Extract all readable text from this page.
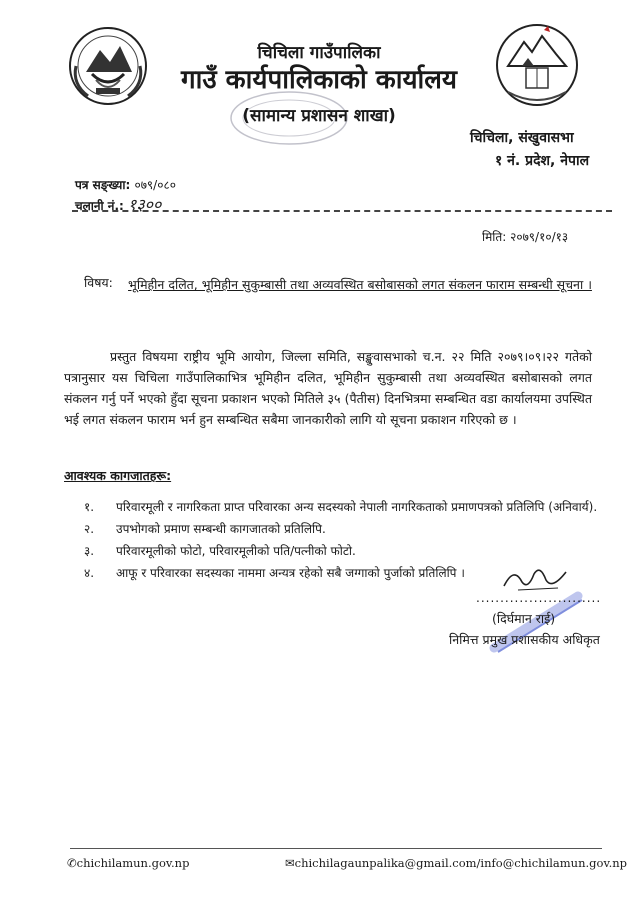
चिचिला गाउँपालिका
गाउँ कार्यपालिकाको कार्यालय
(सामान्य प्रशासन शाखा)
चिचिला, संखुवासभा
१ नं. प्रदेश, नेपाल
पत्र सङ्ख्या: ०७९/०८०
चलानी नं.: १३००
मिति: २०७९/१०/१३
विषय: भूमिहीन दलित, भूमिहीन सुकुम्बासी तथा अव्यवस्थित बसोबासको लगत संकलन फाराम सम्बन्धी सूचना ।
प्रस्तुत विषयमा राष्ट्रीय भूमि आयोग, जिल्ला समिति, सङ्खुवासभाको च.न. २२ मिति २०७९।०९।२२ गतेको पत्रानुसार यस चिचिला गाउँपालिकाभित्र भूमिहीन दलित, भूमिहीन सुकुम्बासी तथा अव्यवस्थित बसोबासको लगत संकलन गर्नु पर्ने भएको हुँदा सूचना प्रकाशन भएको मितिले ३५ (पैतीस) दिनभित्रमा सम्बन्धित वडा कार्यालयमा उपस्थित भई लगत संकलन फाराम भर्न हुन सम्बन्धित सबैमा जानकारीको लागि यो सूचना प्रकाशन गरिएको छ ।
आवश्यक कागजातहरू:
१. परिवारमूली र नागरिकता प्राप्त परिवारका अन्य सदस्यको नेपाली नागरिकताको प्रमाणपत्रको प्रतिलिपि (अनिवार्य).
२. उपभोगको प्रमाण सम्बन्धी कागजातको प्रतिलिपि.
३. परिवारमूलीको फोटो, परिवारमूलीको पति/पत्नीको फोटो.
४. आफू र परिवारका सदस्यका नाममा अन्यत्र रहेको सबै जग्गाको पुर्जाको प्रतिलिपि ।
..........................
(दिर्घमान राई)
निमित्त प्रमुख प्रशासकीय अधिकृत
✆chichilamun.gov.np	✉chichilagaunpalika@gmail.com/info@chichilamun.gov.np
